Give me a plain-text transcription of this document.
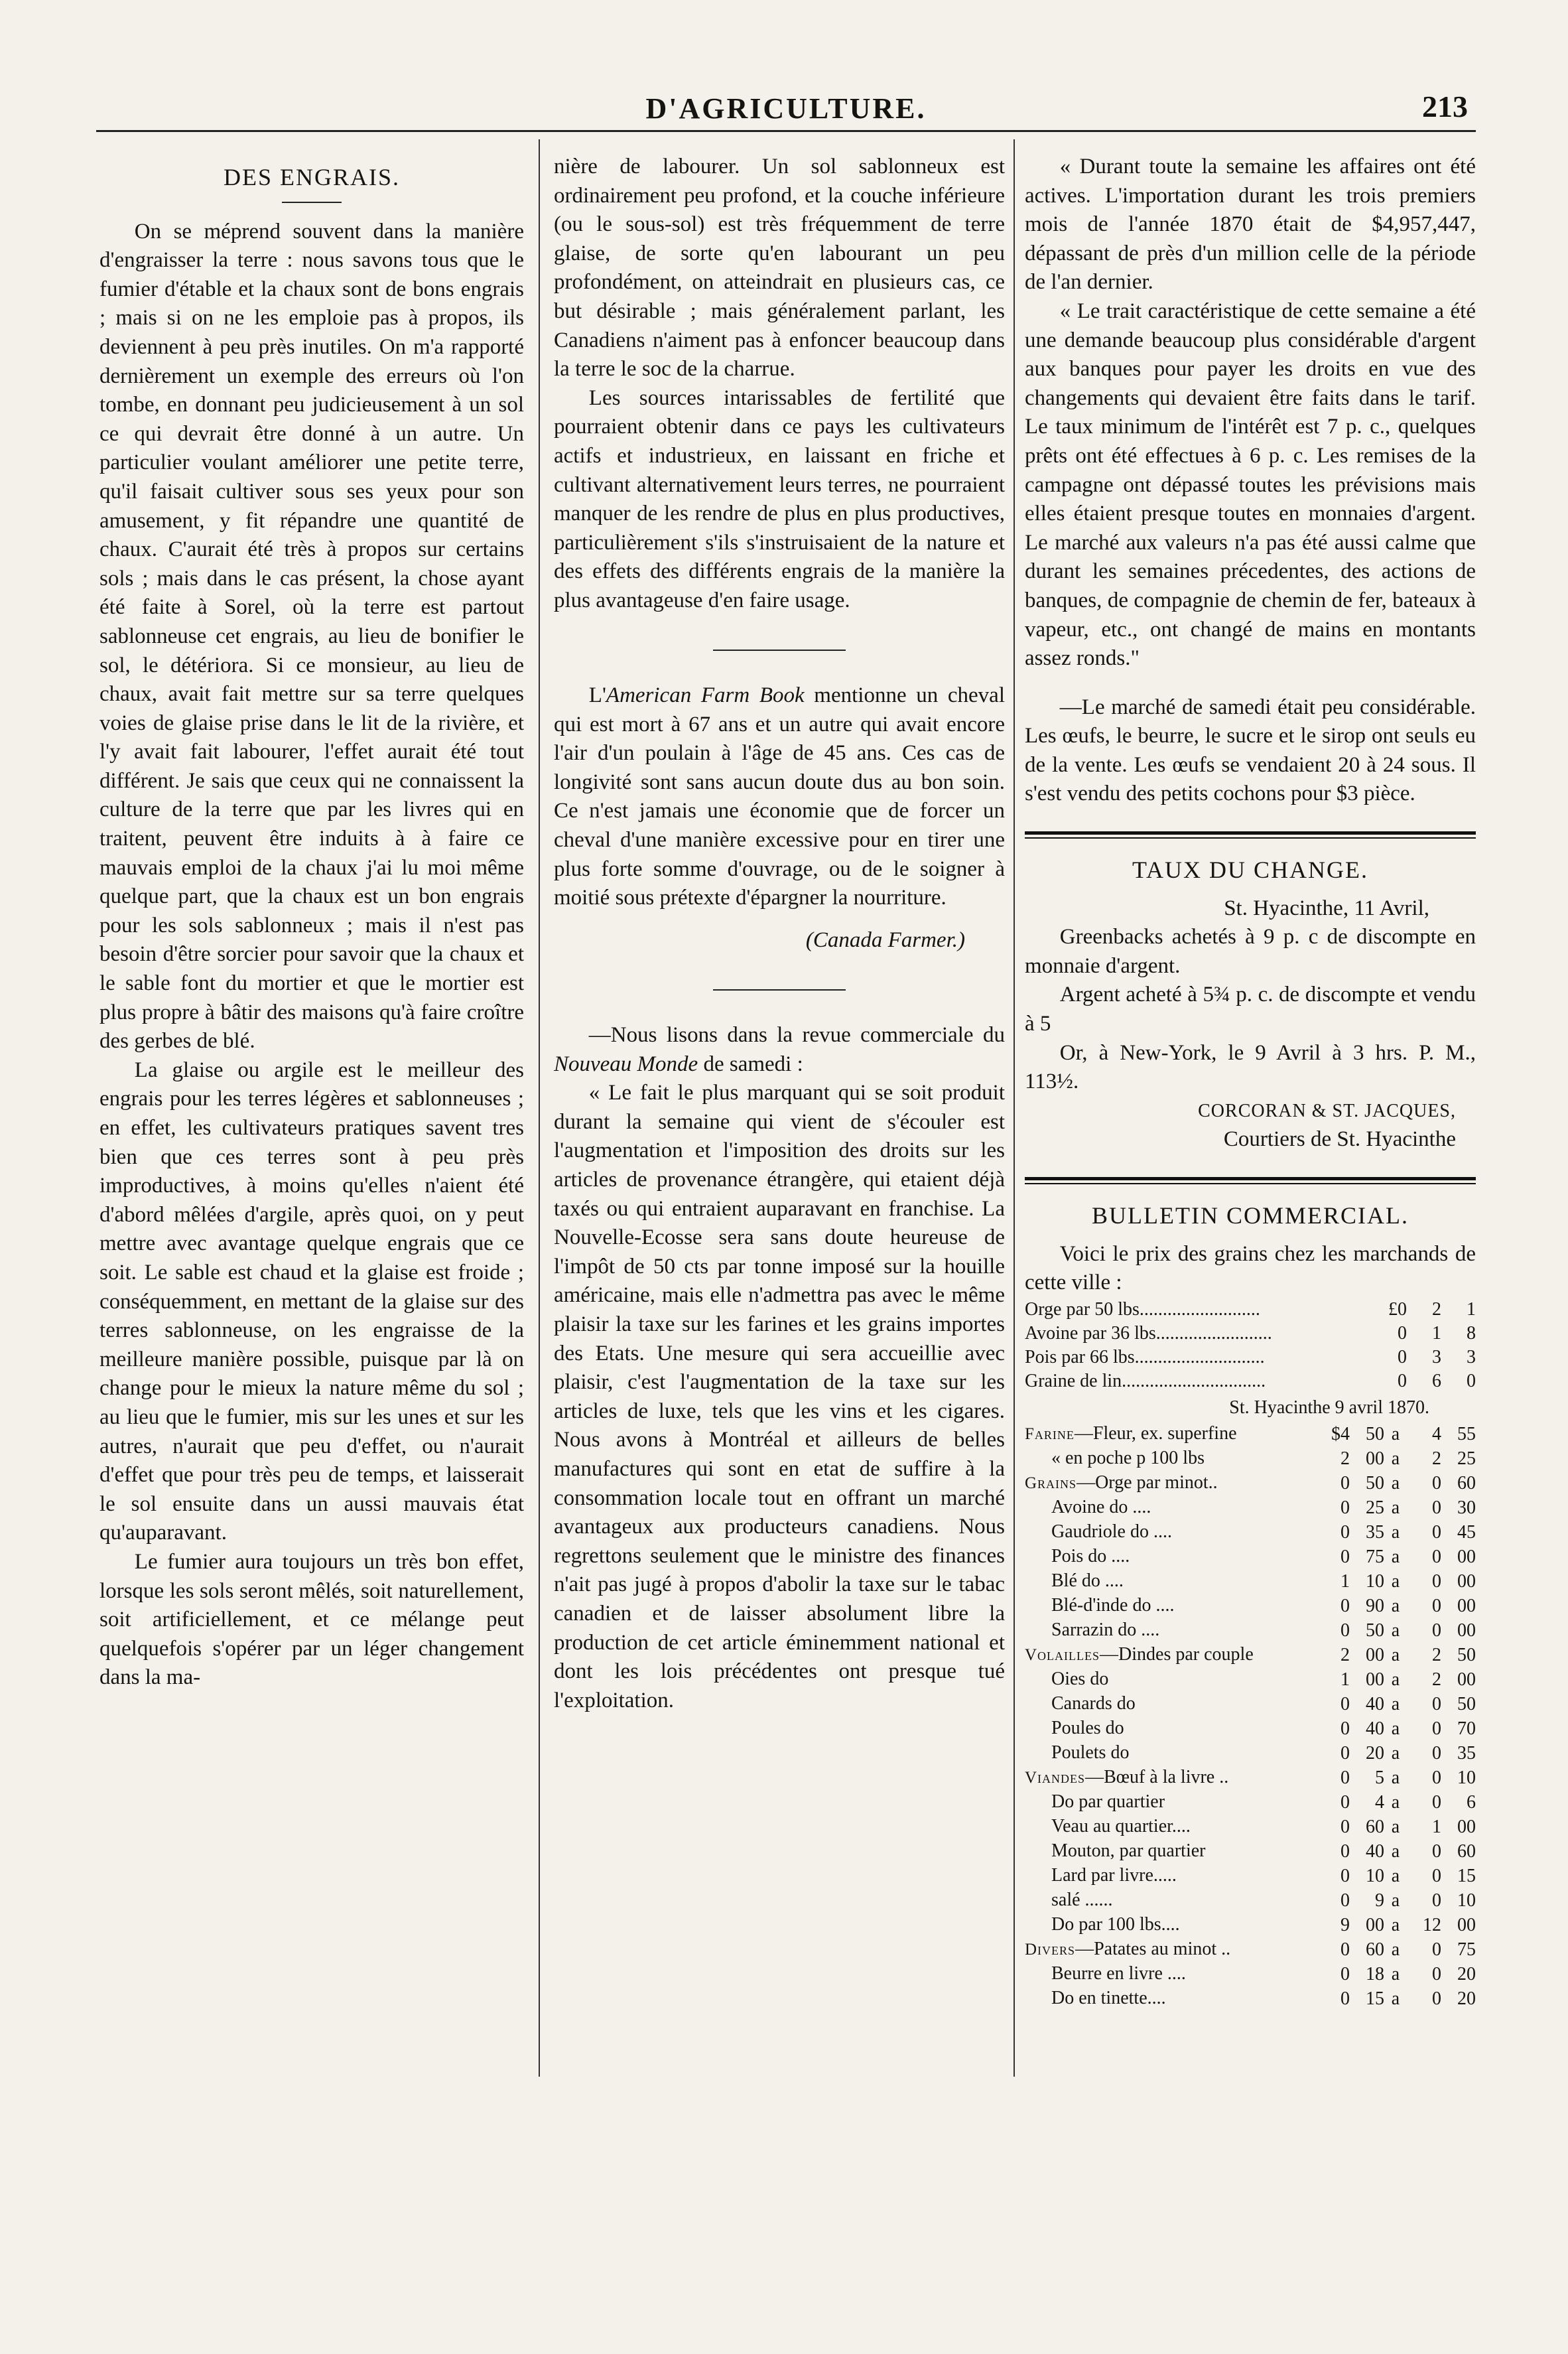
D'AGRICULTURE.	213
DES ENGRAIS.

On se méprend souvent dans la manière d'engraisser la terre : nous savons tous que le fumier d'étable et la chaux sont de bons engrais ; mais si on ne les emploie pas à propos, ils deviennent à peu près inutiles. On m'a rapporté dernièrement un exemple des erreurs où l'on tombe, en donnant peu judicieusement à un sol ce qui devrait être donné à un autre. Un particulier voulant améliorer une petite terre, qu'il faisait cultiver sous ses yeux pour son amusement, y fit répandre une quantité de chaux. C'aurait été très à propos sur certains sols ; mais dans le cas présent, la chose ayant été faite à Sorel, où la terre est partout sablonneuse cet engrais, au lieu de bonifier le sol, le détériora. Si ce monsieur, au lieu de chaux, avait fait mettre sur sa terre quelques voies de glaise prise dans le lit de la rivière, et l'y avait fait labourer, l'effet aurait été tout différent. Je sais que ceux qui ne connaissent la culture de la terre que par les livres qui en traitent, peuvent être induits à à faire ce mauvais emploi de la chaux j'ai lu moi même quelque part, que la chaux est un bon engrais pour les sols sablonneux ; mais il n'est pas besoin d'être sorcier pour savoir que la chaux et le sable font du mortier et que le mortier est plus propre à bâtir des maisons qu'à faire croître des gerbes de blé.

La glaise ou argile est le meilleur des engrais pour les terres légères et sablonneuses ; en effet, les cultivateurs pratiques savent tres bien que ces terres sont à peu près improductives, à moins qu'elles n'aient été d'abord mêlées d'argile, après quoi, on y peut mettre avec avantage quelque engrais que ce soit. Le sable est chaud et la glaise est froide ; conséquemment, en mettant de la glaise sur des terres sablonneuse, on les engraisse de la meilleure manière possible, puisque par là on change pour le mieux la nature même du sol ; au lieu que le fumier, mis sur les unes et sur les autres, n'aurait que peu d'effet, ou n'aurait d'effet que pour très peu de temps, et laisserait le sol ensuite dans un aussi mauvais état qu'auparavant.

Le fumier aura toujours un très bon effet, lorsque les sols seront mêlés, soit naturellement, soit artificiellement, et ce mélange peut quelquefois s'opérer par un léger changement dans la ma-

nière de labourer. Un sol sablonneux est ordinairement peu profond, et la couche inférieure (ou le sous-sol) est très fréquemment de terre glaise, de sorte qu'en labourant un peu profondément, on atteindrait en plusieurs cas, ce but désirable ; mais généralement parlant, les Canadiens n'aiment pas à enfoncer beaucoup dans la terre le soc de la charrue.

Les sources intarissables de fertilité que pourraient obtenir dans ce pays les cultivateurs actifs et industrieux, en laissant en friche et cultivant alternativement leurs terres, ne pourraient manquer de les rendre de plus en plus productives, particulièrement s'ils s'instruisaient de la nature et des effets des différents engrais de la manière la plus avantageuse d'en faire usage.

L'American Farm Book mentionne un cheval qui est mort à 67 ans et un autre qui avait encore l'air d'un poulain à l'âge de 45 ans. Ces cas de longivité sont sans aucun doute dus au bon soin. Ce n'est jamais une économie que de forcer un cheval d'une manière excessive pour en tirer une plus forte somme d'ouvrage, ou de le soigner à moitié sous prétexte d'épargner la nourriture.

(Canada Farmer.)

—Nous lisons dans la revue commerciale du Nouveau Monde de samedi :

« Le fait le plus marquant qui se soit produit durant la semaine qui vient de s'écouler est l'augmentation et l'imposition des droits sur les articles de provenance étrangère, qui etaient déjà taxés ou qui entraient auparavant en franchise. La Nouvelle-Ecosse sera sans doute heureuse de l'impôt de 50 cts par tonne imposé sur la houille américaine, mais elle n'admettra pas avec le même plaisir la taxe sur les farines et les grains importes des Etats. Une mesure qui sera accueillie avec plaisir, c'est l'augmentation de la taxe sur les articles de luxe, tels que les vins et les cigares. Nous avons à Montréal et ailleurs de belles manufactures qui sont en etat de suffire à la consommation locale tout en offrant un marché avantageux aux producteurs canadiens. Nous regrettons seulement que le ministre des finances n'ait pas jugé à propos d'abolir la taxe sur le tabac canadien et de laisser absolument libre la production de cet article éminemment national et dont les lois précédentes ont presque tué l'exploitation.

« Durant toute la semaine les affaires ont été actives. L'importation durant les trois premiers mois de l'année 1870 était de $4,957,447, dépassant de près d'un million celle de la période de l'an dernier.

« Le trait caractéristique de cette semaine a été une demande beaucoup plus considérable d'argent aux banques pour payer les droits en vue des changements qui devaient être faits dans le tarif. Le taux minimum de l'intérêt est 7 p. c., quelques prêts ont été effectues à 6 p. c. Les remises de la campagne ont dépassé toutes les prévisions mais elles étaient presque toutes en monnaies d'argent. Le marché aux valeurs n'a pas été aussi calme que durant les semaines précedentes, des actions de banques, de compagnie de chemin de fer, bateaux à vapeur, etc., ont changé de mains en montants assez ronds."

—Le marché de samedi était peu considérable. Les œufs, le beurre, le sucre et le sirop ont seuls eu de la vente. Les œufs se vendaient 20 à 24 sous. Il s'est vendu des petits cochons pour $3 pièce.

TAUX DU CHANGE.
St. Hyacinthe, 11 Avril,

Greenbacks achetés à 9 p. c de discompte en monnaie d'argent.

Argent acheté à 5¾ p. c. de discompte et vendu à 5

Or, à New-York, le 9 Avril à 3 hrs. P. M., 113½.

CORCORAN & ST. JACQUES,
Courtiers de St. Hyacinthe
BULLETIN COMMERCIAL.

Voici le prix des grains chez les marchands de cette ville :

Orge par 50 lbs..........................	£0	2	1
Avoine par 36 lbs.........................	0	1	8
Pois par 66 lbs............................	0	3	3
Graine de lin...............................	0	6	0
St. Hyacinthe 9 avril 1870.
Farine—Fleur, ex. superfine	$4	50	a	4	55
« en poche p 100 lbs	2	00	a	2	25
Grains—Orge par minot..	0	50	a	0	60
Avoine do ....	0	25	a	0	30
Gaudriole do ....	0	35	a	0	45
Pois do ....	0	75	a	0	00
Blé do ....	1	10	a	0	00
Blé-d'inde do ....	0	90	a	0	00
Sarrazin do ....	0	50	a	0	00
Volailles—Dindes par couple	2	00	a	2	50
Oies do	1	00	a	2	00
Canards do	0	40	a	0	50
Poules do	0	40	a	0	70
Poulets do	0	20	a	0	35
Viandes—Bœuf à la livre ..	0	5	a	0	10
Do par quartier	0	4	a	0	6
Veau au quartier....	0	60	a	1	00
Mouton, par quartier	0	40	a	0	60
Lard par livre.....	0	10	a	0	15
salé ......	0	9	a	0	10
Do par 100 lbs....	9	00	a	12	00
Divers—Patates au minot ..	0	60	a	0	75
Beurre en livre ....	0	18	a	0	20
Do en tinette....	0	15	a	0	20
